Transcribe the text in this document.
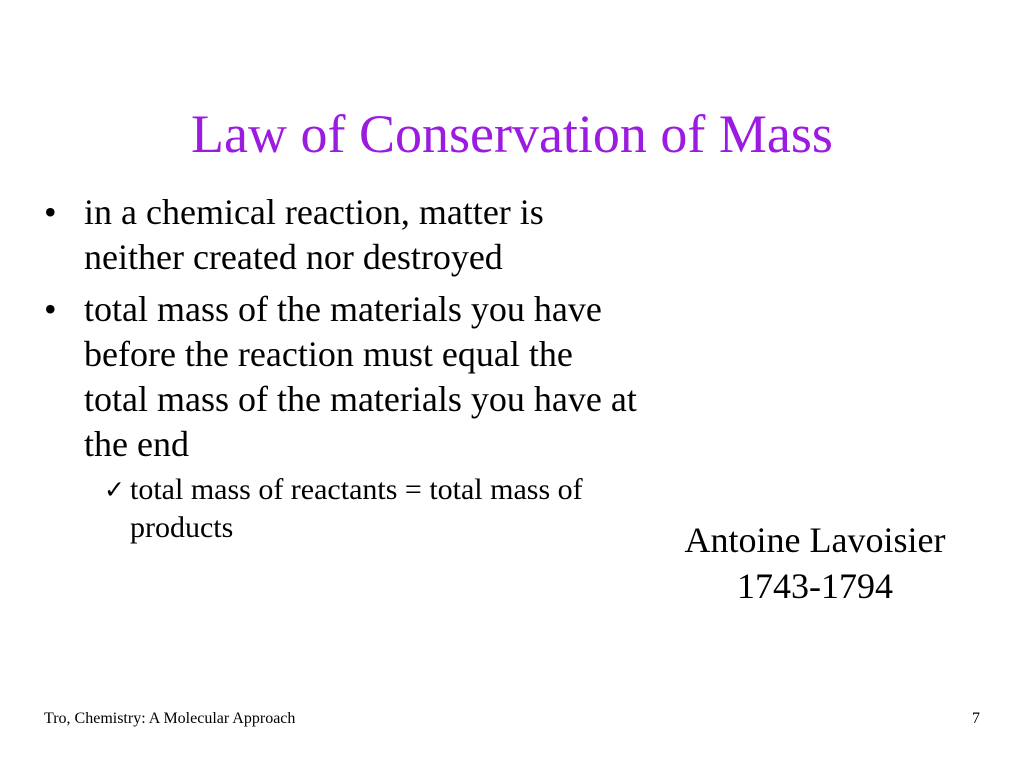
Law of Conservation of Mass
• in a chemical reaction, matter is neither created nor destroyed
• total mass of the materials you have before the reaction must equal the total mass of the materials you have at the end
✓ total mass of reactants = total mass of products	Antoine Lavoisier
1743-1794
Tro, Chemistry: A Molecular Approach	7
